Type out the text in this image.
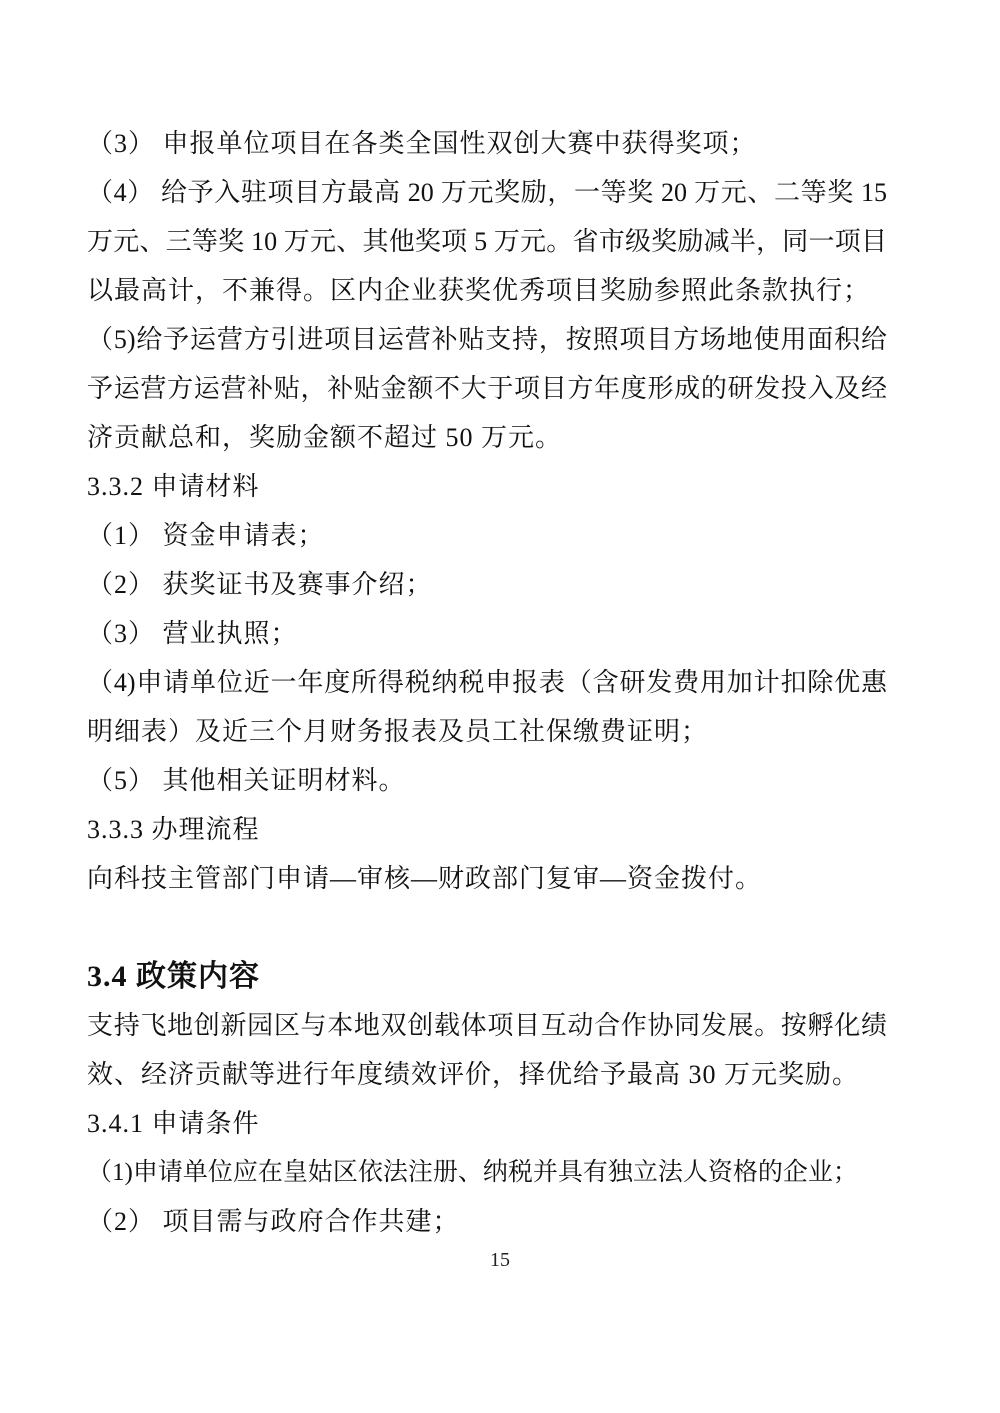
（3） 申报单位项目在各类全国性双创大赛中获得奖项；
（4） 给予入驻项目方最高 20 万元奖励，一等奖 20 万元、二等奖 15
万元、三等奖 10 万元、其他奖项 5 万元。省市级奖励减半，同一项目
以最高计，不兼得。区内企业获奖优秀项目奖励参照此条款执行；
（5)给予运营方引进项目运营补贴支持，按照项目方场地使用面积给
予运营方运营补贴，补贴金额不大于项目方年度形成的研发投入及经
济贡献总和，奖励金额不超过 50 万元。
3.3.2 申请材料
（1） 资金申请表；
（2） 获奖证书及赛事介绍；
（3） 营业执照；
（4)申请单位近一年度所得税纳税申报表（含研发费用加计扣除优惠
明细表）及近三个月财务报表及员工社保缴费证明；
（5） 其他相关证明材料。
3.3.3 办理流程
向科技主管部门申请—审核—财政部门复审—资金拨付。
3.4 政策内容
支持飞地创新园区与本地双创载体项目互动合作协同发展。按孵化绩
效、经济贡献等进行年度绩效评价，择优给予最高 30 万元奖励。
3.4.1 申请条件
（1)申请单位应在皇姑区依法注册、纳税并具有独立法人资格的企业；
（2） 项目需与政府合作共建；
15
